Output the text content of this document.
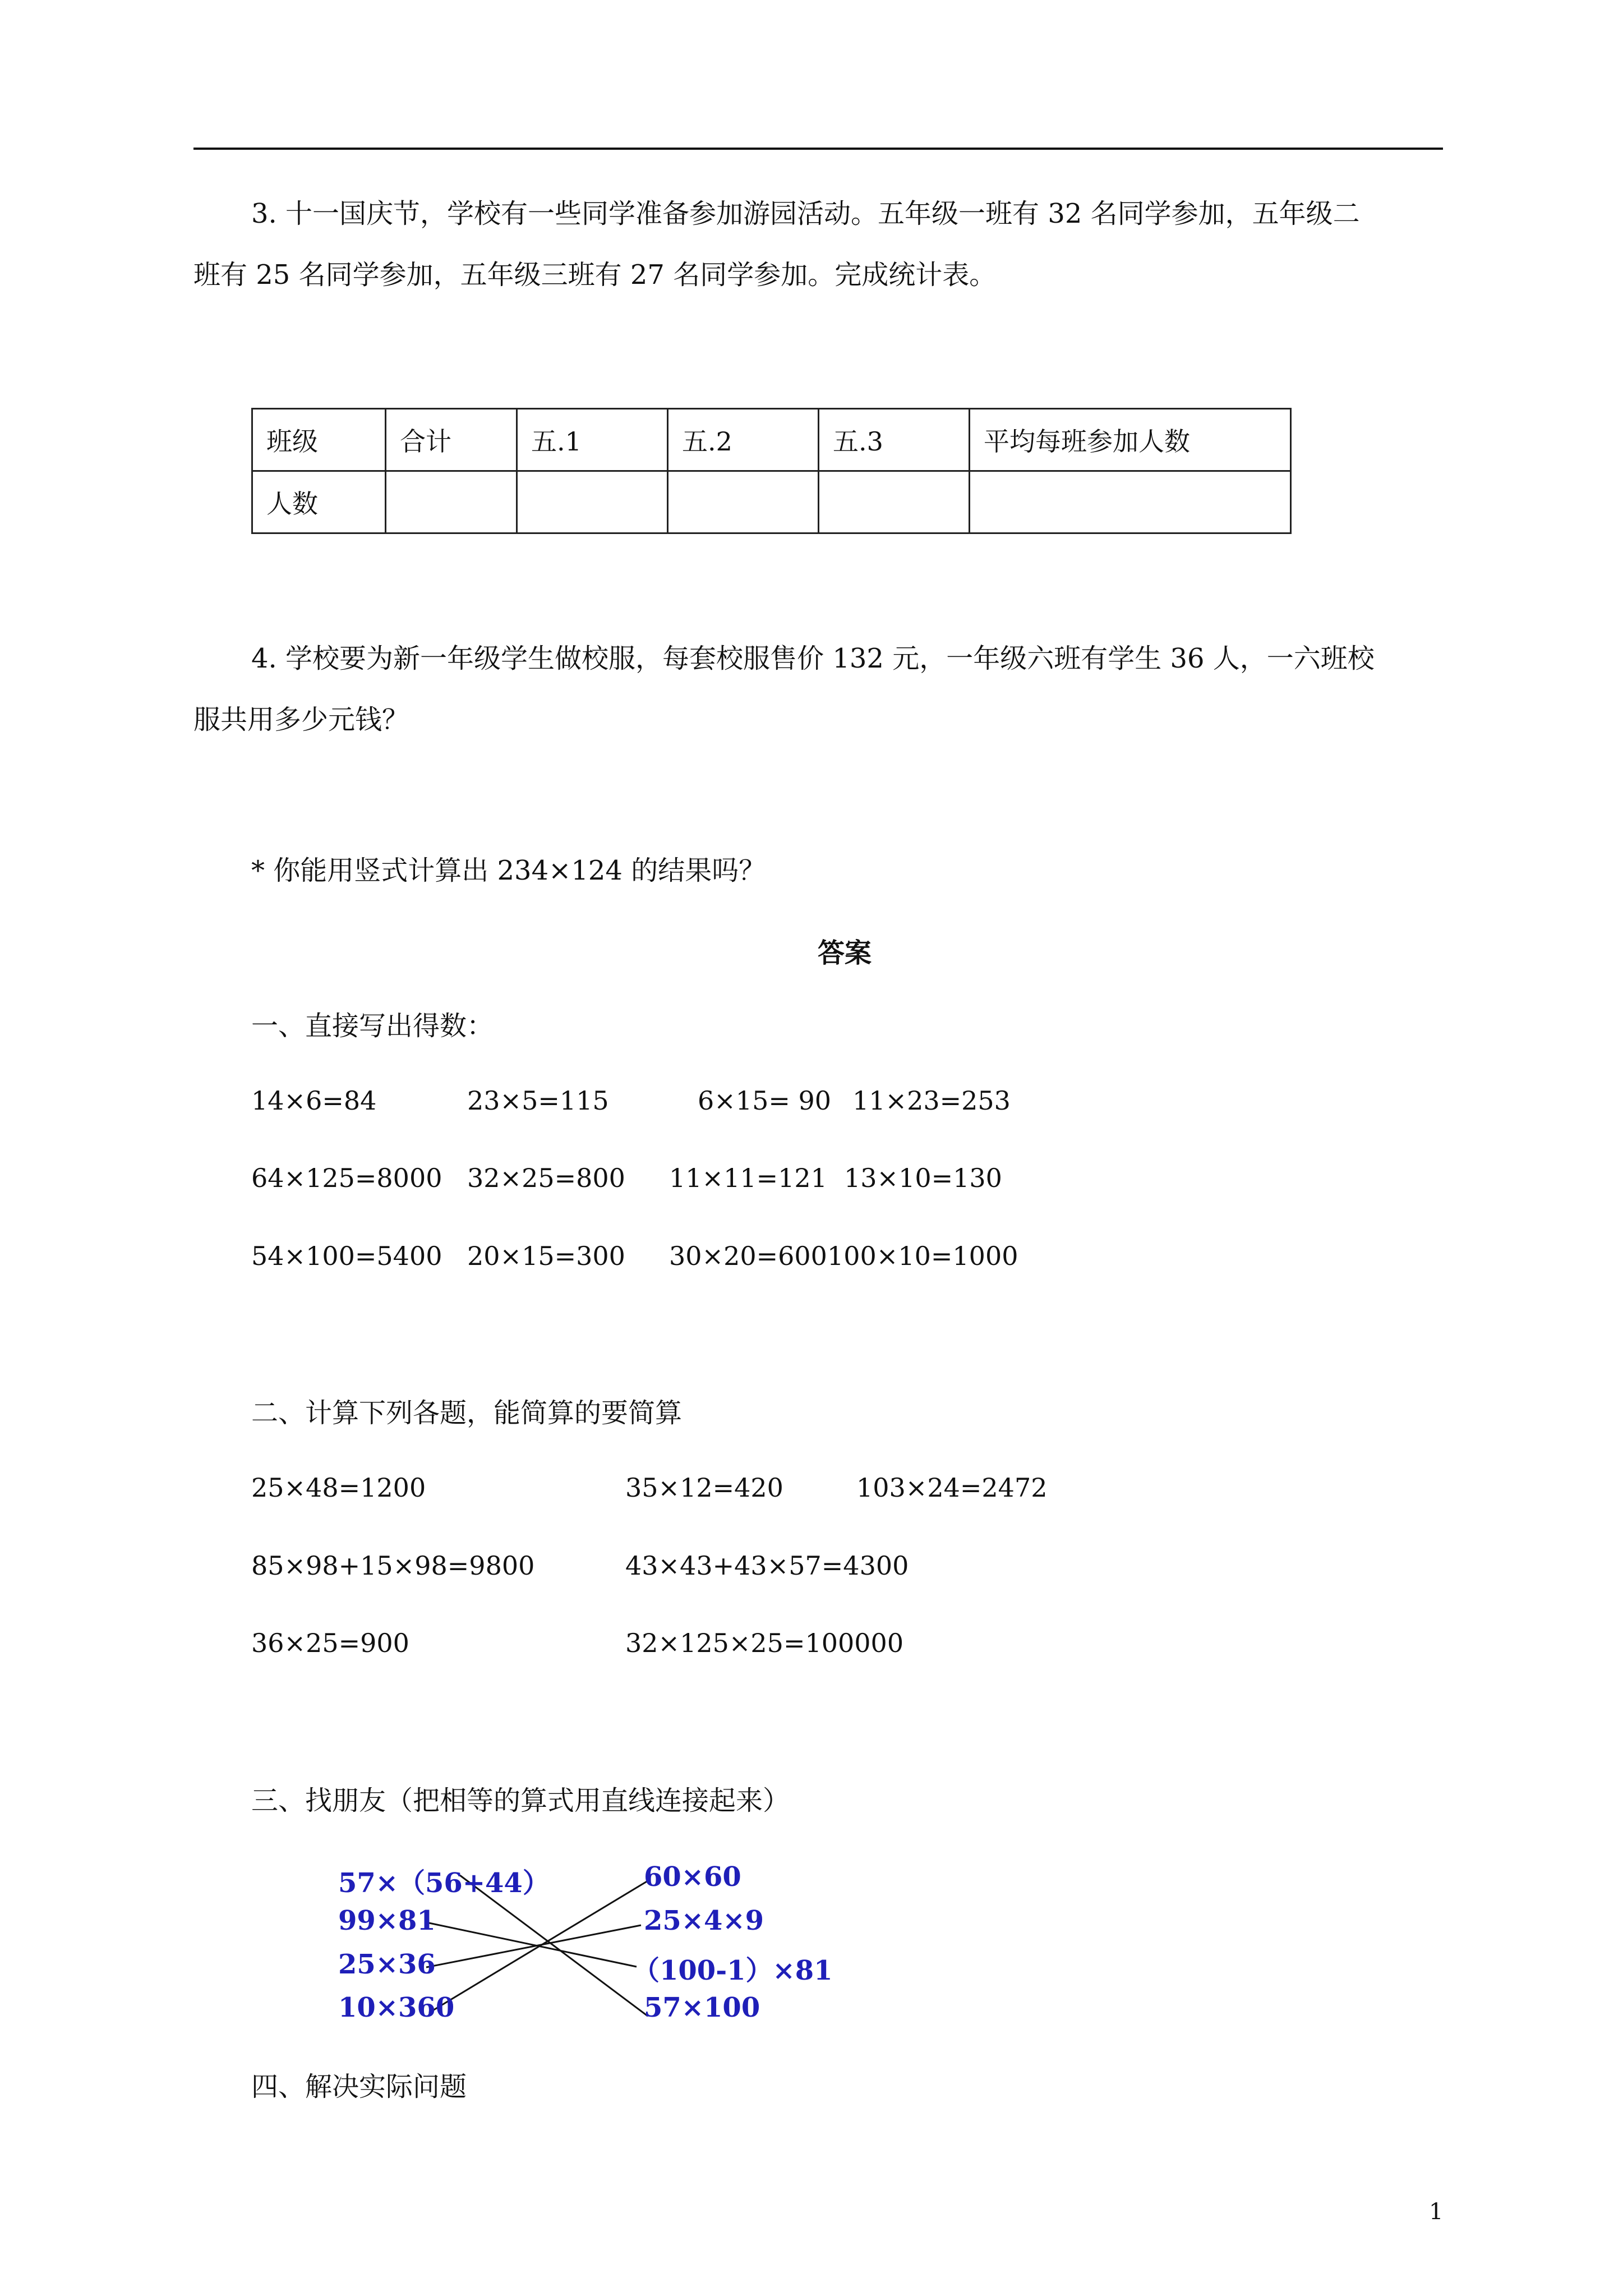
3. 十一国庆节，学校有一些同学准备参加游园活动。五年级一班有 32 名同学参加，五年级二
班有 25 名同学参加，五年级三班有 27 名同学参加。完成统计表。
班级	合计	五.1	五.2	五.3	平均每班参加人数
人数					
4. 学校要为新一年级学生做校服，每套校服售价 132 元，一年级六班有学生 36 人，一六班校
服共用多少元钱？
* 你能用竖式计算出 234×124 的结果吗？
答案
一、直接写出得数：
14×6=84	23×5=115	6×15= 90 11×23=253
64×125=8000 32×25=800 11×11=121 13×10=130
54×100=5400 20×15=300 30×20=600 100×10=1000
二、计算下列各题，能简算的要简算
25×48=1200	35×12=420	103×24=2472
85×98+15×98=9800	43×43+43×57=4300
36×25=900	32×125×25=100000
三、找朋友（把相等的算式用直线连接起来）
57×（56+44）
99×81
25×36
10×360
60×60
25×4×9
（100-1）×81
57×100
四、解决实际问题
1
